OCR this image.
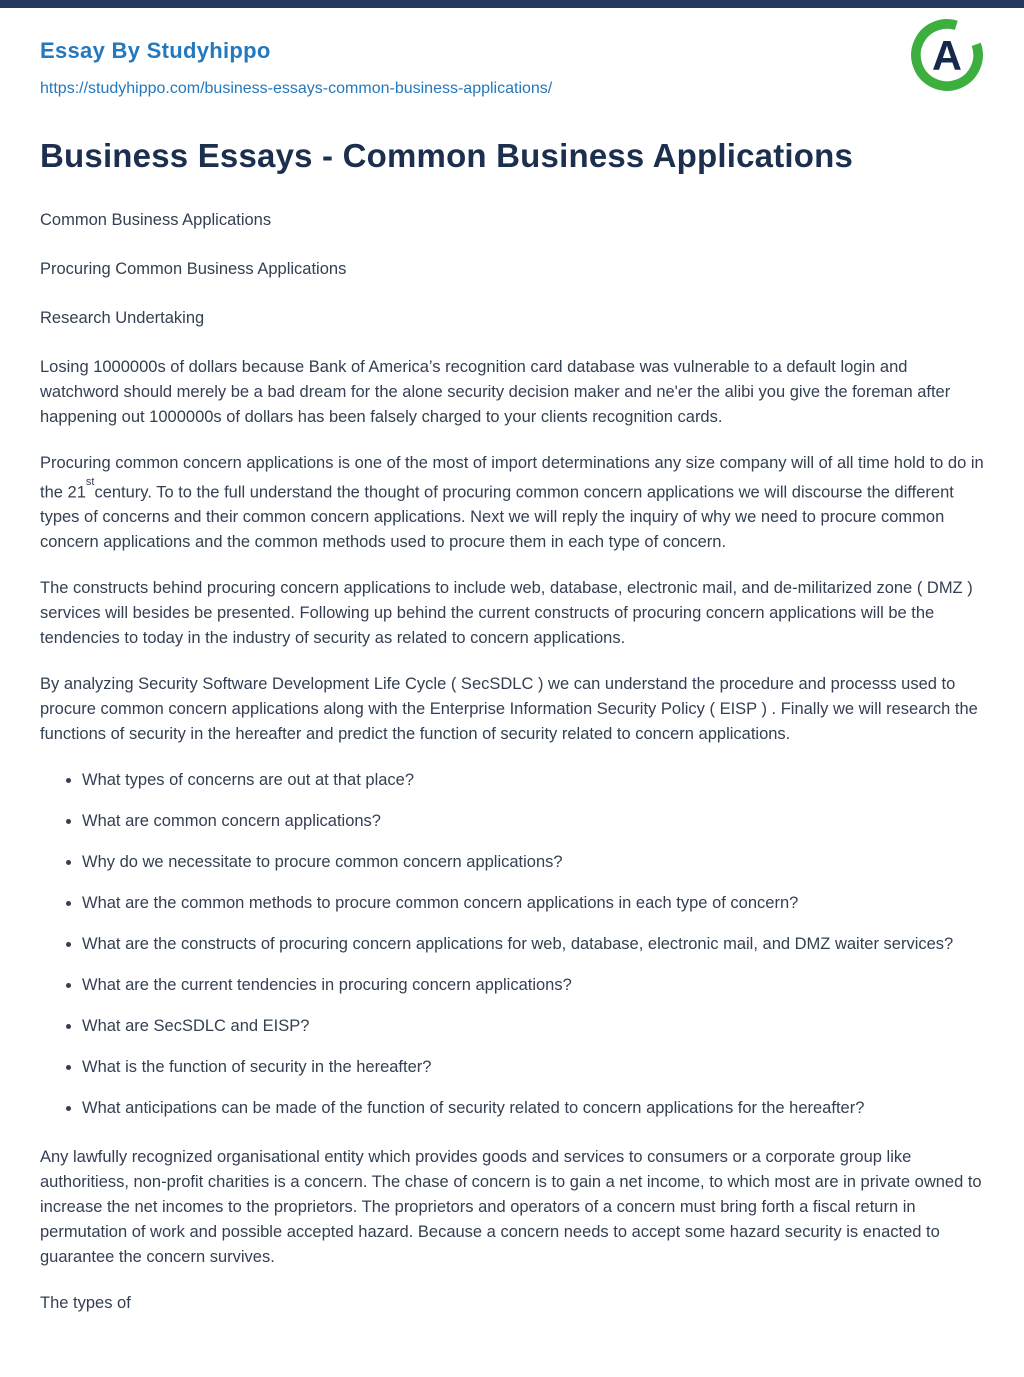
Essay By Studyhippo
https://studyhippo.com/business-essays-common-business-applications/
A
Business Essays - Common Business Applications

Common Business Applications

Procuring Common Business Applications

Research Undertaking

Losing 1000000s of dollars because Bank of America’s recognition card database was vulnerable to a default login and watchword should merely be a bad dream for the alone security decision maker and ne'er the alibi you give the foreman after happening out 1000000s of dollars has been falsely charged to your clients recognition cards.

Procuring common concern applications is one of the most of import determinations any size company will of all time hold to do in the 21stcentury. To to the full understand the thought of procuring common concern applications we will discourse the different types of concerns and their common concern applications. Next we will reply the inquiry of why we need to procure common concern applications and the common methods used to procure them in each type of concern.

The constructs behind procuring concern applications to include web, database, electronic mail, and de-militarized zone ( DMZ ) services will besides be presented. Following up behind the current constructs of procuring concern applications will be the tendencies to today in the industry of security as related to concern applications.

By analyzing Security Software Development Life Cycle ( SecSDLC ) we can understand the procedure and processs used to procure common concern applications along with the Enterprise Information Security Policy ( EISP ) . Finally we will research the functions of security in the hereafter and predict the function of security related to concern applications.

• What types of concerns are out at that place?
• What are common concern applications?
• Why do we necessitate to procure common concern applications?
• What are the common methods to procure common concern applications in each type of concern?
• What are the constructs of procuring concern applications for web, database, electronic mail, and DMZ waiter services?
• What are the current tendencies in procuring concern applications?
• What are SecSDLC and EISP?
• What is the function of security in the hereafter?
• What anticipations can be made of the function of security related to concern applications for the hereafter?

Any lawfully recognized organisational entity which provides goods and services to consumers or a corporate group like authoritiess, non-profit charities is a concern. The chase of concern is to gain a net income, to which most are in private owned to increase the net incomes to the proprietors. The proprietors and operators of a concern must bring forth a fiscal return in permutation of work and possible accepted hazard. Because a concern needs to accept some hazard security is enacted to guarantee the concern survives.

The types of
